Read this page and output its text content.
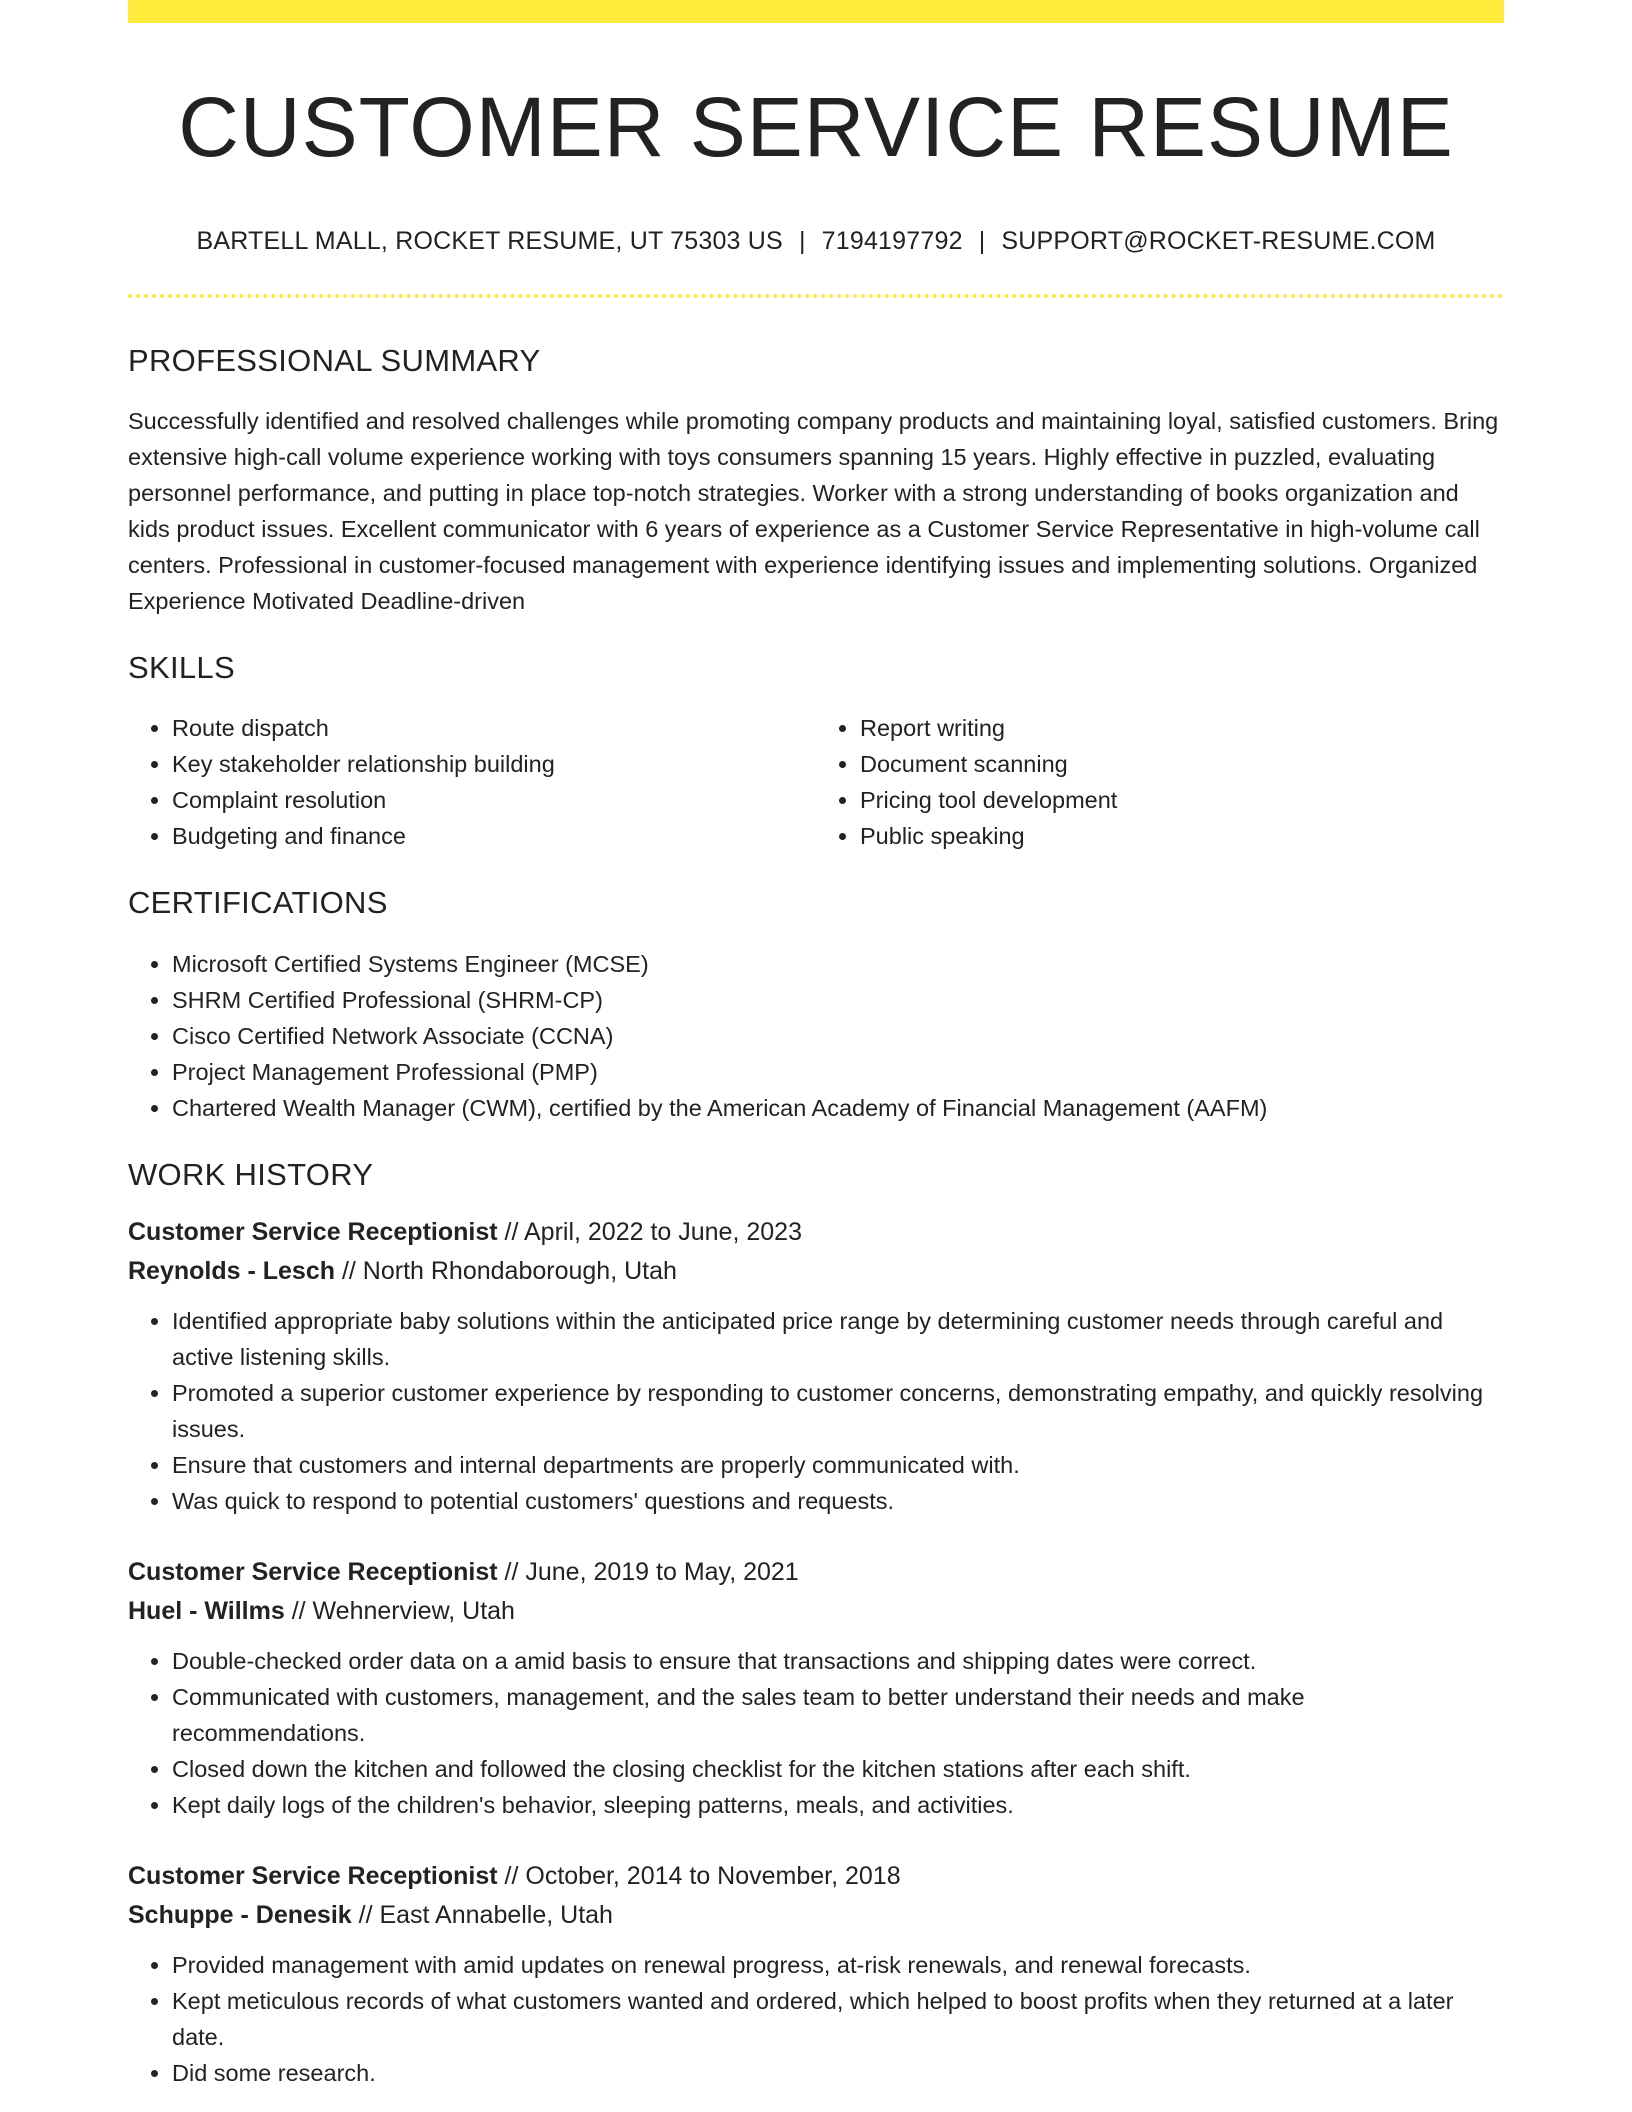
CUSTOMER SERVICE RESUME
BARTELL MALL, ROCKET RESUME, UT 75303 US | 7194197792 | SUPPORT@ROCKET-RESUME.COM
PROFESSIONAL SUMMARY
Successfully identified and resolved challenges while promoting company products and maintaining loyal, satisfied customers. Bring extensive high-call volume experience working with toys consumers spanning 15 years. Highly effective in puzzled, evaluating personnel performance, and putting in place top-notch strategies. Worker with a strong understanding of books organization and kids product issues. Excellent communicator with 6 years of experience as a Customer Service Representative in high-volume call centers. Professional in customer-focused management with experience identifying issues and implementing solutions. Organized Experience Motivated Deadline-driven
SKILLS
• Route dispatch
• Key stakeholder relationship building
• Complaint resolution
• Budgeting and finance
• Report writing
• Document scanning
• Pricing tool development
• Public speaking
CERTIFICATIONS
• Microsoft Certified Systems Engineer (MCSE)
• SHRM Certified Professional (SHRM-CP)
• Cisco Certified Network Associate (CCNA)
• Project Management Professional (PMP)
• Chartered Wealth Manager (CWM), certified by the American Academy of Financial Management (AAFM)
WORK HISTORY
Customer Service Receptionist // April, 2022 to June, 2023
Reynolds - Lesch // North Rhondaborough, Utah
• Identified appropriate baby solutions within the anticipated price range by determining customer needs through careful and active listening skills.
• Promoted a superior customer experience by responding to customer concerns, demonstrating empathy, and quickly resolving issues.
• Ensure that customers and internal departments are properly communicated with.
• Was quick to respond to potential customers' questions and requests.
Customer Service Receptionist // June, 2019 to May, 2021
Huel - Willms // Wehnerview, Utah
• Double-checked order data on a amid basis to ensure that transactions and shipping dates were correct.
• Communicated with customers, management, and the sales team to better understand their needs and make recommendations.
• Closed down the kitchen and followed the closing checklist for the kitchen stations after each shift.
• Kept daily logs of the children's behavior, sleeping patterns, meals, and activities.
Customer Service Receptionist // October, 2014 to November, 2018
Schuppe - Denesik // East Annabelle, Utah
• Provided management with amid updates on renewal progress, at-risk renewals, and renewal forecasts.
• Kept meticulous records of what customers wanted and ordered, which helped to boost profits when they returned at a later date.
• Did some research.
